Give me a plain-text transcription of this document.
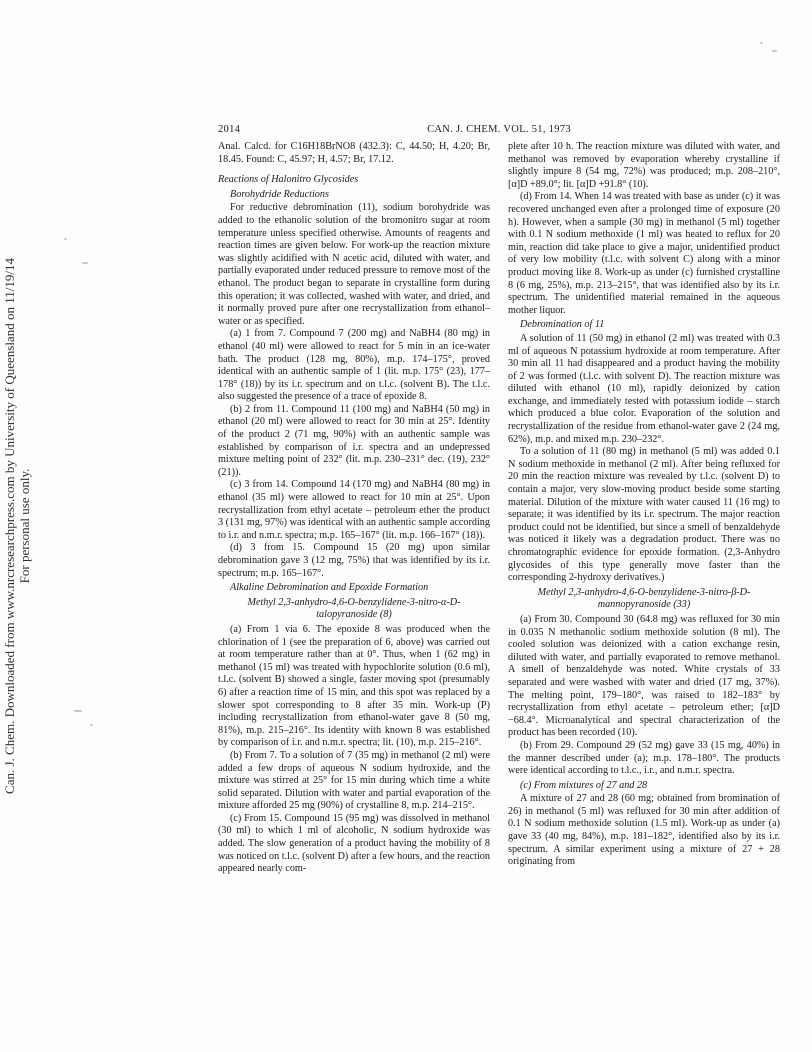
Can. J. Chem. Downloaded from www.nrcresearchpress.com by University of Queensland on 11/19/14 For personal use only.
2014	CAN. J. CHEM. VOL. 51, 1973

Anal. Calcd. for C16H18BrNO8 (432.3): C, 44.50; H, 4.20; Br, 18.45. Found: C, 45.97; H, 4.57; Br, 17.12.

Reactions of Halonitro Glycosides
Borohydride Reductions

For reductive debromination (11), sodium borohydride was added to the ethanolic solution of the bromonitro sugar at room temperature unless specified otherwise. Amounts of reagents and reaction times are given below. For work-up the reaction mixture was slightly acidified with N acetic acid, diluted with water, and partially evaporated under reduced pressure to remove most of the ethanol. The product began to separate in crystalline form during this operation; it was collected, washed with water, and dried, and it normally proved pure after one recrystallization from ethanol–water or as specified.

(a) 1 from 7. Compound 7 (200 mg) and NaBH4 (80 mg) in ethanol (40 ml) were allowed to react for 5 min in an ice-water bath. The product (128 mg, 80%), m.p. 174–175°, proved identical with an authentic sample of 1 (lit. m.p. 175° (23), 177–178° (18)) by its i.r. spectrum and on t.l.c. (solvent B). The t.l.c. also suggested the presence of a trace of epoxide 8.

(b) 2 from 11. Compound 11 (100 mg) and NaBH4 (50 mg) in ethanol (20 ml) were allowed to react for 30 min at 25°. Identity of the product 2 (71 mg, 90%) with an authentic sample was established by comparison of i.r. spectra and an undepressed mixture melting point of 232° (lit. m.p. 230–231° dec. (19), 232° (21)).

(c) 3 from 14. Compound 14 (170 mg) and NaBH4 (80 mg) in ethanol (35 ml) were allowed to react for 10 min at 25°. Upon recrystallization from ethyl acetate – petroleum ether the product 3 (131 mg, 97%) was identical with an authentic sample according to i.r. and n.m.r. spectra; m.p. 165–167° (lit. m.p. 166–167° (18)).

(d) 3 from 15. Compound 15 (20 mg) upon similar debromination gave 3 (12 mg, 75%) that was identified by its i.r. spectrum; m.p. 165–167°.

Alkaline Debromination and Epoxide Formation
Methyl 2,3-anhydro-4,6-O-benzylidene-3-nitro-α-D-talopyranoside (8)

(a) From 1 via 6. The epoxide 8 was produced when the chlorination of 1 (see the preparation of 6, above) was carried out at room temperature rather than at 0°. Thus, when 1 (62 mg) in methanol (15 ml) was treated with hypochlorite solution (0.6 ml), t.l.c. (solvent B) showed a single, faster moving spot (presumably 6) after a reaction time of 15 min, and this spot was replaced by a slower spot corresponding to 8 after 35 min. Work-up (P) including recrystallization from ethanol-water gave 8 (50 mg, 81%), m.p. 215–216°. Its identity with known 8 was established by comparison of i.r. and n.m.r. spectra; lit. (10), m.p. 215–216°.

(b) From 7. To a solution of 7 (35 mg) in methanol (2 ml) were added a few drops of aqueous N sodium hydroxide, and the mixture was stirred at 25° for 15 min during which time a white solid separated. Dilution with water and partial evaporation of the mixture afforded 25 mg (90%) of crystalline 8, m.p. 214–215°.

(c) From 15. Compound 15 (95 mg) was dissolved in methanol (30 ml) to which 1 ml of alcoholic, N sodium hydroxide was added. The slow generation of a product having the mobility of 8 was noticed on t.l.c. (solvent D) after a few hours, and the reaction appeared nearly com-

plete after 10 h. The reaction mixture was diluted with water, and methanol was removed by evaporation whereby crystalline if slightly impure 8 (54 mg, 72%) was produced; m.p. 208–210°, [α]D +89.0°; lit. [α]D +91.8° (10).

(d) From 14. When 14 was treated with base as under (c) it was recovered unchanged even after a prolonged time of exposure (20 h). However, when a sample (30 mg) in methanol (5 ml) together with 0.1 N sodium methoxide (1 ml) was heated to reflux for 20 min, reaction did take place to give a major, unidentified product of very low mobility (t.l.c. with solvent C) along with a minor product moving like 8. Work-up as under (c) furnished crystalline 8 (6 mg, 25%), m.p. 213–215°, that was identified also by its i.r. spectrum. The unidentified material remained in the aqueous mother liquor.

Debromination of 11

A solution of 11 (50 mg) in ethanol (2 ml) was treated with 0.3 ml of aqueous N potassium hydroxide at room temperature. After 30 min all 11 had disappeared and a product having the mobility of 2 was formed (t.l.c. with solvent D). The reaction mixture was diluted with ethanol (10 ml), rapidly deionized by cation exchange, and immediately tested with potassium iodide – starch which produced a blue color. Evaporation of the solution and recrystallization of the residue from ethanol-water gave 2 (24 mg, 62%), m.p. and mixed m.p. 230–232°.

To a solution of 11 (80 mg) in methanol (5 ml) was added 0.1 N sodium methoxide in methanol (2 ml). After being refluxed for 20 min the reaction mixture was revealed by t.l.c. (solvent D) to contain a major, very slow-moving product beside some starting material. Dilution of the mixture with water caused 11 (16 mg) to separate; it was identified by its i.r. spectrum. The major reaction product could not be identified, but since a smell of benzaldehyde was noticed it likely was a degradation product. There was no chromatographic evidence for epoxide formation. (2,3-Anhydro glycosides of this type generally move faster than the corresponding 2-hydroxy derivatives.)

Methyl 2,3-anhydro-4,6-O-benzylidene-3-nitro-β-D-mannopyranoside (33)

(a) From 30. Compound 30 (64.8 mg) was refluxed for 30 min in 0.035 N methanolic sodium methoxide solution (8 ml). The cooled solution was deionized with a cation exchange resin, diluted with water, and partially evaporated to remove methanol. A smell of benzaldehyde was noted. White crystals of 33 separated and were washed with water and dried (17 mg, 37%). The melting point, 179–180°, was raised to 182–183° by recrystallization from ethyl acetate – petroleum ether; [α]D −68.4°. Microanalytical and spectral characterization of the product has been recorded (10).

(b) From 29. Compound 29 (52 mg) gave 33 (15 mg, 40%) in the manner described under (a); m.p. 178–180°. The products were identical according to t.l.c., i.r., and n.m.r. spectra.

(c) From mixtures of 27 and 28

A mixture of 27 and 28 (60 mg; obtained from bromination of 26) in methanol (5 ml) was refluxed for 30 min after addition of 0.1 N sodium methoxide solution (1.5 ml). Work-up as under (a) gave 33 (40 mg, 84%), m.p. 181–182°, identified also by its i.r. spectrum. A similar experiment using a mixture of 27 + 28 originating from
